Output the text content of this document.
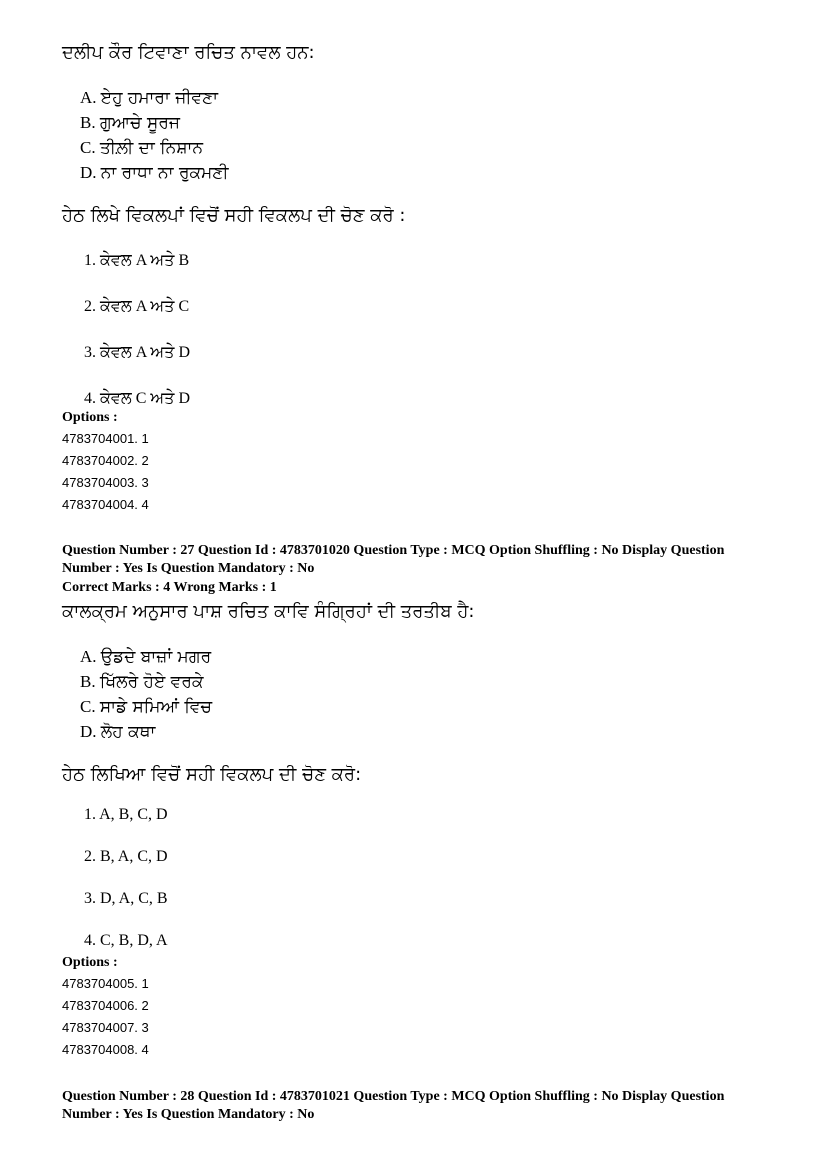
ਦਲੀਪ ਕੌਰ ਟਿਵਾਣਾ ਰਚਿਤ ਨਾਵਲ ਹਨ:
A. ਏਹੁ ਹਮਾਰਾ ਜੀਵਣਾ
B. ਗੁਆਚੇ ਸੂਰਜ
C. ਤੀਲ਼ੀ ਦਾ ਨਿਸ਼ਾਨ
D. ਨਾ ਰਾਧਾ ਨਾ ਰੁਕਮਣੀ
ਹੇਠ ਲਿਖੇ ਵਿਕਲਪਾਂ ਵਿਚੋਂ ਸਹੀ ਵਿਕਲਪ ਦੀ ਚੋਣ ਕਰੋ :
1. ਕੇਵਲ A ਅਤੇ B
2. ਕੇਵਲ A ਅਤੇ C
3. ਕੇਵਲ A ਅਤੇ D
4. ਕੇਵਲ C ਅਤੇ D
Options :
4783704001. 1
4783704002. 2
4783704003. 3
4783704004. 4
Question Number : 27 Question Id : 4783701020 Question Type : MCQ Option Shuffling : No Display Question
Number : Yes Is Question Mandatory : No
Correct Marks : 4 Wrong Marks : 1
ਕਾਲਕ੍ਰਮ ਅਨੁਸਾਰ ਪਾਸ਼ ਰਚਿਤ ਕਾਵਿ ਸੰਗ੍ਰਿਹਾਂ ਦੀ ਤਰਤੀਬ ਹੈ:
A. ਉਡਦੇ ਬਾਜ਼ਾਂ ਮਗਰ
B. ਖਿੱਲਰੇ ਹੋਏ ਵਰਕੇ
C. ਸਾਡੇ ਸਮਿਆਂ ਵਿਚ
D. ਲੋਹ ਕਥਾ
ਹੇਠ ਲਿਖਿਆ ਵਿਚੋਂ ਸਹੀ ਵਿਕਲਪ ਦੀ ਚੋਣ ਕਰੋ:
1. A, B, C, D
2. B, A, C, D
3. D, A, C, B
4. C, B, D, A
Options :
4783704005. 1
4783704006. 2
4783704007. 3
4783704008. 4
Question Number : 28 Question Id : 4783701021 Question Type : MCQ Option Shuffling : No Display Question
Number : Yes Is Question Mandatory : No
